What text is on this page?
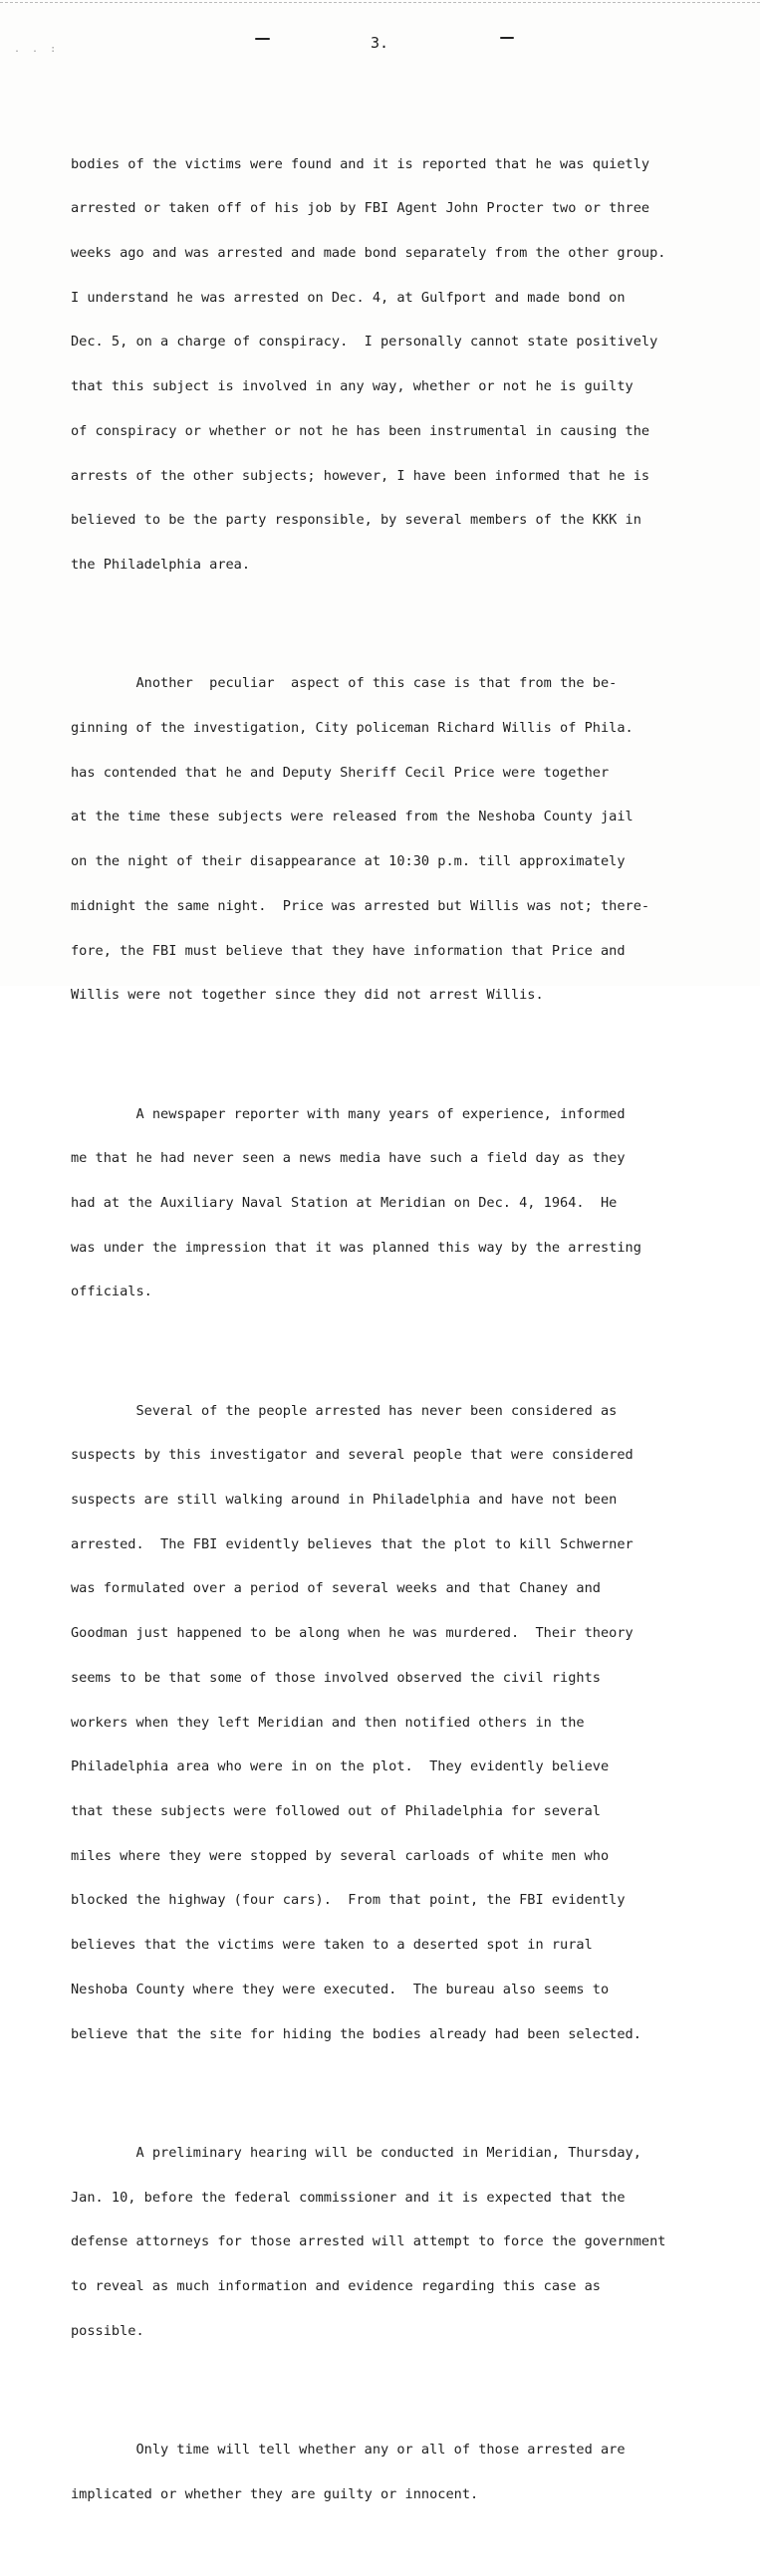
. . :	3.

bodies of the victims were found and it is reported that he was quietly

arrested or taken off of his job by FBI Agent John Procter two or three

weeks ago and was arrested and made bond separately from the other group.

I understand he was arrested on Dec. 4, at Gulfport and made bond on

Dec. 5, on a charge of conspiracy.  I personally cannot state positively

that this subject is involved in any way, whether or not he is guilty

of conspiracy or whether or not he has been instrumental in causing the

arrests of the other subjects; however, I have been informed that he is

believed to be the party responsible, by several members of the KKK in

the Philadelphia area.

Another  peculiar  aspect of this case is that from the be-

ginning of the investigation, City policeman Richard Willis of Phila.

has contended that he and Deputy Sheriff Cecil Price were together

at the time these subjects were released from the Neshoba County jail

on the night of their disappearance at 10:30 p.m. till approximately

midnight the same night.  Price was arrested but Willis was not; there-

fore, the FBI must believe that they have information that Price and

Willis were not together since they did not arrest Willis.

A newspaper reporter with many years of experience, informed

me that he had never seen a news media have such a field day as they

had at the Auxiliary Naval Station at Meridian on Dec. 4, 1964.  He

was under the impression that it was planned this way by the arresting

officials.

Several of the people arrested has never been considered as

suspects by this investigator and several people that were considered

suspects are still walking around in Philadelphia and have not been

arrested.  The FBI evidently believes that the plot to kill Schwerner

was formulated over a period of several weeks and that Chaney and

Goodman just happened to be along when he was murdered.  Their theory

seems to be that some of those involved observed the civil rights

workers when they left Meridian and then notified others in the

Philadelphia area who were in on the plot.  They evidently believe

that these subjects were followed out of Philadelphia for several

miles where they were stopped by several carloads of white men who

blocked the highway (four cars).  From that point, the FBI evidently

believes that the victims were taken to a deserted spot in rural

Neshoba County where they were executed.  The bureau also seems to

believe that the site for hiding the bodies already had been selected.

A preliminary hearing will be conducted in Meridian, Thursday,

Jan. 10, before the federal commissioner and it is expected that the

defense attorneys for those arrested will attempt to force the government

to reveal as much information and evidence regarding this case as

possible.

Only time will tell whether any or all of those arrested are

implicated or whether they are guilty or innocent.
